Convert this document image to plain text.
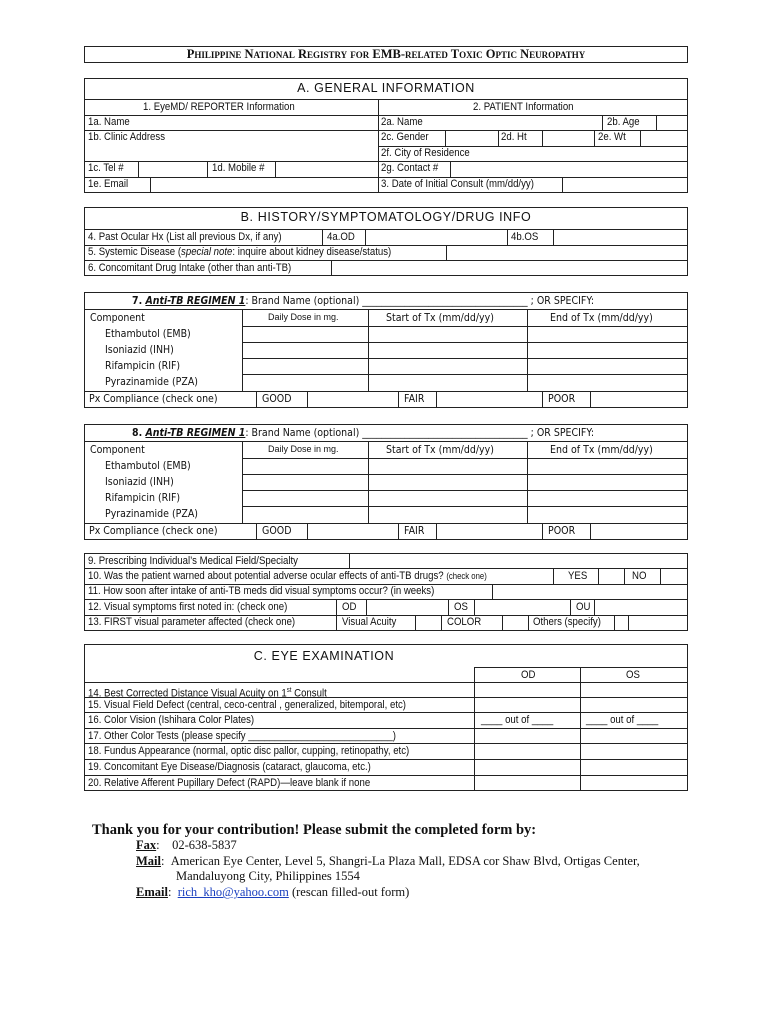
Philippine National Registry for EMB-related Toxic Optic Neuropathy
A. GENERAL INFORMATION
1. EyeMD/ REPORTER Information	2. PATIENT Information
1a. Name
1b. Clinic Address
1c. Tel #	1d. Mobile #
1e. Email
2a. Name	2b. Age
2c. Gender	2d. Ht	2e. Wt
2f. City of Residence
2g. Contact #
3. Date of Initial Consult (mm/dd/yy)
B. HISTORY/SYMPTOMATOLOGY/DRUG INFO
4. Past Ocular Hx (List all previous Dx, if any)	4a.OD	4b.OS
5. Systemic Disease (special note: inquire about kidney disease/status)
6. Concomitant Drug Intake (other than anti-TB)
7. Anti-TB REGIMEN 1: Brand Name (optional) ___________________________________ ; OR SPECIFY:
Component	Daily Dose in mg.	Start of Tx (mm/dd/yy)	End of Tx (mm/dd/yy)
Ethambutol (EMB)
Isoniazid (INH)
Rifampicin (RIF)
Pyrazinamide (PZA)
Px Compliance (check one)	GOOD	FAIR	POOR
8. Anti-TB REGIMEN 1: Brand Name (optional) ___________________________________ ; OR SPECIFY:
Component	Daily Dose in mg.	Start of Tx (mm/dd/yy)	End of Tx (mm/dd/yy)
Ethambutol (EMB)
Isoniazid (INH)
Rifampicin (RIF)
Pyrazinamide (PZA)
Px Compliance (check one)	GOOD	FAIR	POOR
9. Prescribing Individual’s Medical Field/Specialty
10. Was the patient warned about potential adverse ocular effects of anti-TB drugs? (check one)	YES	NO
11. How soon after intake of anti-TB meds did visual symptoms occur? (in weeks)
12. Visual symptoms first noted in: (check one)	OD	OS	OU
13. FIRST visual parameter affected (check one)	Visual Acuity	COLOR	Others (specify)
C. EYE EXAMINATION
OD	OS
14. Best Corrected Distance Visual Acuity on 1st Consult
15. Visual Field Defect (central, ceco-central , generalized, bitemporal, etc)
16. Color Vision (Ishihara Color Plates)	____ out of ____	____ out of ____
17. Other Color Tests (please specify ___________________________)
18. Fundus Appearance (normal, optic disc pallor, cupping, retinopathy, etc)
19. Concomitant Eye Disease/Diagnosis (cataract, glaucoma, etc.)
20. Relative Afferent Pupillary Defect (RAPD)—leave blank if none
Thank you for your contribution! Please submit the completed form by:
Fax:    02-638-5837
Mail:  American Eye Center, Level 5, Shangri-La Plaza Mall, EDSA cor Shaw Blvd, Ortigas Center,
Mandaluyong City, Philippines 1554
Email:  rich_kho@yahoo.com (rescan filled-out form)
